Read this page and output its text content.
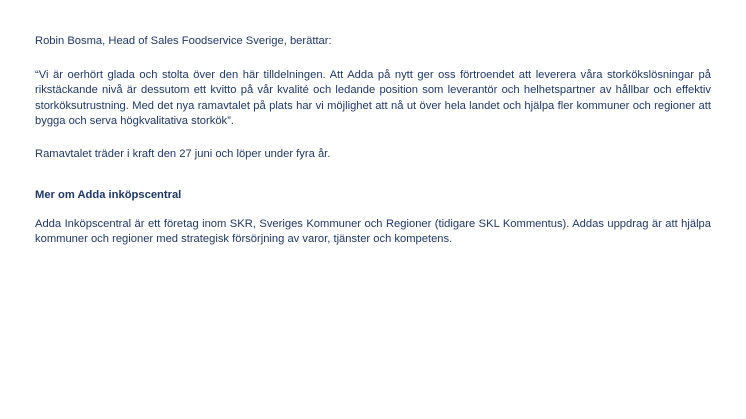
Robin Bosma, Head of Sales Foodservice Sverige, berättar:

“Vi är oerhört glada och stolta över den här tilldelningen. Att Adda på nytt ger oss förtroendet att leverera våra storkökslösningar på rikstäckande nivå är dessutom ett kvitto på vår kvalité och ledande position som leverantör och helhetspartner av hållbar och effektiv storköksutrustning. Med det nya ramavtalet på plats har vi möjlighet att nå ut över hela landet och hjälpa fler kommuner och regioner att bygga och serva högkvalitativa storkök”.

Ramavtalet träder i kraft den 27 juni och löper under fyra år.

Mer om Adda inköpscentral

Adda Inköpscentral är ett företag inom SKR, Sveriges Kommuner och Regioner (tidigare SKL Kommentus). Addas uppdrag är att hjälpa kommuner och regioner med strategisk försörjning av varor, tjänster och kompetens.
